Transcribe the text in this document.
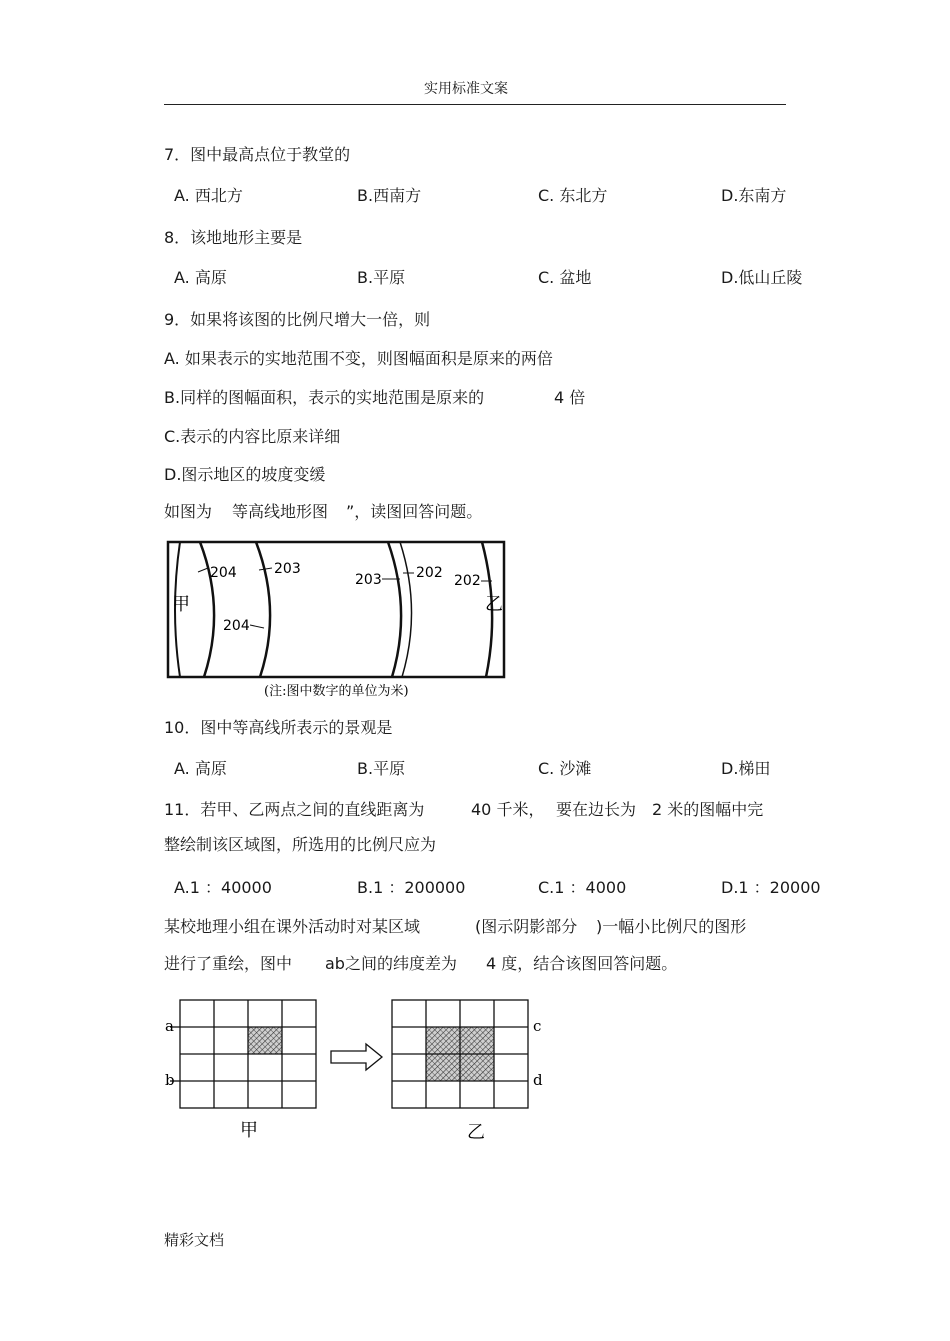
实用标准文案
7．图中最高点位于教堂的
A. 西北方	B.西南方	C. 东北方	D.东南方
8．该地地形主要是
A. 高原	B.平原	C. 盆地	D.低山丘陵
9．如果将该图的比例尺增大一倍，则
A. 如果表示的实地范围不变，则图幅面积是原来的两倍
B.同样的图幅面积，表示的实地范围是原来的	4 倍
C.表示的内容比原来详细
D.图示地区的坡度变缓
如图为 等高线地形图 ”，读图回答问题。
204	203
204
203 202 202
甲	乙
(注:图中数字的单位为米)
10．图中等高线所表示的景观是
A. 高原	B.平原	C. 沙滩	D.梯田
11．若甲、乙两点之间的直线距离为	40 千米， 要在边长为 2 米的图幅中完
整绘制该区域图，所选用的比例尺应为
A.1 ：40000	B.1 ：200000	C.1 ：4000	D.1 ：20000
某校地理小组在课外活动时对某区域	(图示阴影部分 )一幅小比例尺的图形
进行了重绘，图中 ab之间的纬度差为 4 度，结合该图回答问题。
a
b
甲
c
d
乙
精彩文档
